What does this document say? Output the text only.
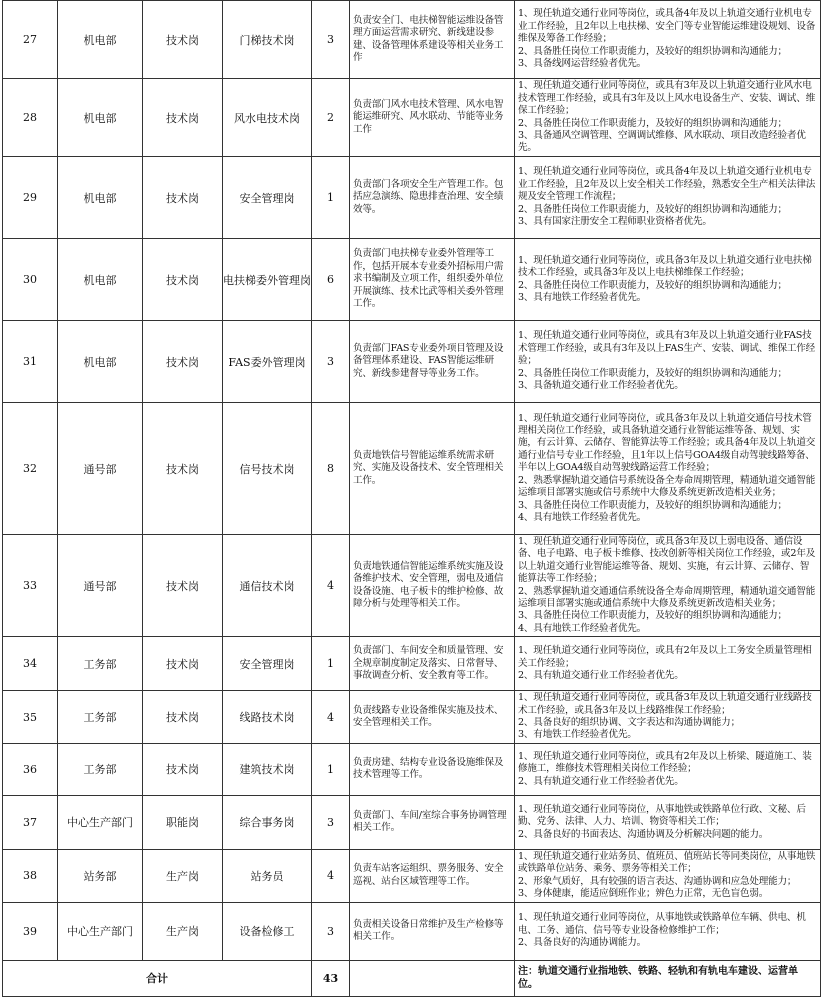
27	机电部	技术岗	门梯技术岗	3	负责安全门、电扶梯智能运维设备管理方面运营需求研究、新线建设参建、设备管理体系建设等相关业务工作	1、现任轨道交通行业同等岗位，或具备4年及以上轨道交通行业机电专业工作经验，且2年以上电扶梯、安全门等专业智能运维建设规划、设备维保及筹备工作经验；
2、具备胜任岗位工作职责能力，及较好的组织协调和沟通能力；
3、具备线网运营经验者优先。

28	机电部	技术岗	风水电技术岗	2	负责部门风水电技术管理、风水电智能运维研究、风水联动、节能等业务工作	1、现任轨道交通行业同等岗位，或具有3年及以上轨道交通行业风水电技术管理工作经验，或具有3年及以上风水电设备生产、安装、调试、维保工作经验；
2、具备胜任岗位工作职责能力，及较好的组织协调和沟通能力；
3、具备通风空调管理、空调调试维修、风水联动、项目改造经验者优先。

29	机电部	技术岗	安全管理岗	1	负责部门各项安全生产管理工作。包括应急演练、隐患排查治理、安全绩效等。	1、现任轨道交通行业同等岗位，或具备4年及以上轨道交通行业机电专业工作经验，且2年及以上安全相关工作经验，熟悉安全生产相关法律法规及安全管理工作流程；
2、具备胜任岗位工作职责能力，及较好的组织协调和沟通能力；
3、具有国家注册安全工程师职业资格者优先。

30	机电部	技术岗	电扶梯委外管理岗	6	负责部门电扶梯专业委外管理等工作，包括开展本专业委外招标用户需求书编制及立项工作，组织委外单位开展演练、技术比武等相关委外管理工作。	1、现任轨道交通行业同等岗位，或具备3年及以上轨道交通行业电扶梯技术工作经验，或具备3年及以上电扶梯维保工作经验；
2、具备胜任岗位工作职责能力，及较好的组织协调和沟通能力；
3、具有地铁工作经验者优先。

31	机电部	技术岗	FAS委外管理岗	3	负责部门FAS专业委外项目管理及设备管理体系建设、FAS智能运维研究、新线参建督导等业务工作。	1、现任轨道交通行业同等岗位，或具有3年及以上轨道交通行业FAS技术管理工作经验，或具有3年及以上FAS生产、安装、调试、维保工作经验；
2、具备胜任岗位工作职责能力，及较好的组织协调和沟通能力；
3、具备轨道交通行业工作经验者优先。

32	通号部	技术岗	信号技术岗	8	负责地铁信号智能运维系统需求研究、实施及设备技术、安全管理相关工作。	1、现任轨道交通行业同等岗位，或具备3年及以上轨道交通信号技术管理相关岗位工作经验，或具备轨道交通行业智能运维等备、规划、实施，有云计算、云储存、智能算法等工作经验；或具备4年及以上轨道交通行业信号专业工作经验，且1年以上信号GOA4级自动驾驶线路筹备、半年以上GOA4级自动驾驶线路运营工作经验；
2、熟悉掌握轨道交通信号系统设备全寿命周期管理，精通轨道交通智能运维项目部署实施或信号系统中大修及系统更新改造相关业务；
3、具备胜任岗位工作职责能力，及较好的组织协调和沟通能力；
4、具有地铁工作经验者优先。

33	通号部	技术岗	通信技术岗	4	负责地铁通信智能运维系统实施及设备维护技术、安全管理，弱电及通信设备设施、电子板卡的维护检修、故障分析与处理等相关工作。	1、现任轨道交通行业同等岗位，或具备3年及以上弱电设备、通信设备、电子电路、电子板卡维修、技改创新等相关岗位工作经验，或2年及以上轨道交通行业智能运维等备、规划、实施，有云计算、云储存、智能算法等工作经验；
2、熟悉掌握轨道交通通信系统设备全寿命周期管理，精通轨道交通智能运维项目部署实施或通信系统中大修及系统更新改造相关业务；
3、具备胜任岗位工作职责能力，及较好的组织协调和沟通能力；
4、具有地铁工作经验者优先。

34	工务部	技术岗	安全管理岗	1	负责部门、车间安全和质量管理、安全规章制度制定及落实、日常督导、事故调查分析、安全教育等工作。	1、现任轨道交通行业同等岗位，或具有2年及以上工务安全质量管理相关工作经验；
2、具有轨道交通行业工作经验者优先。

35	工务部	技术岗	线路技术岗	4	负责线路专业设备维保实施及技术、安全管理相关工作。	1、现任轨道交通行业同等岗位，或具备3年及以上轨道交通行业线路技术工作经验，或具备3年及以上线路维保工作经验；
2、具备良好的组织协调、文字表达和沟通协调能力；
3、有地铁工作经验者优先。

36	工务部	技术岗	建筑技术岗	1	负责房建、结构专业设备设施维保及技术管理等工作。	1、现任轨道交通行业同等岗位，或具有2年及以上桥梁、隧道施工、装修施工，维修技术管理相关岗位工作经验；
2、具有轨道交通行业工作经验者优先。

37	中心生产部门	职能岗	综合事务岗	3	负责部门、车间/室综合事务协调管理相关工作。	1、现任轨道交通行业同等岗位，从事地铁或铁路单位行政、文秘、后勤、党务、法律、人力、培训、物资等相关工作；
2、具备良好的书面表达、沟通协调及分析解决问题的能力。

38	站务部	生产岗	站务员	4	负责车站客运组织、票务服务、安全巡视、站台区域管理等工作。	1、现任轨道交通行业站务员、值班员、值班站长等同类岗位，从事地铁或铁路单位站务、乘务、票务等相关工作；
2、形象气质好，具有较强的语言表达、沟通协调和应急处理能力；
3、身体健康，能适应倒班作业；辨色力正常，无色盲色弱。

39	中心生产部门	生产岗	设备检修工	3	负责相关设备日常维护及生产检修等相关工作。	1、现任轨道交通行业同等岗位，从事地铁或铁路单位车辆、供电、机电、工务、通信、信号等专业设备检修维护工作；
2、具备良好的沟通协调能力。

合计				43		注：轨道交通行业指地铁、铁路、轻轨和有轨电车建设、运营单位。
